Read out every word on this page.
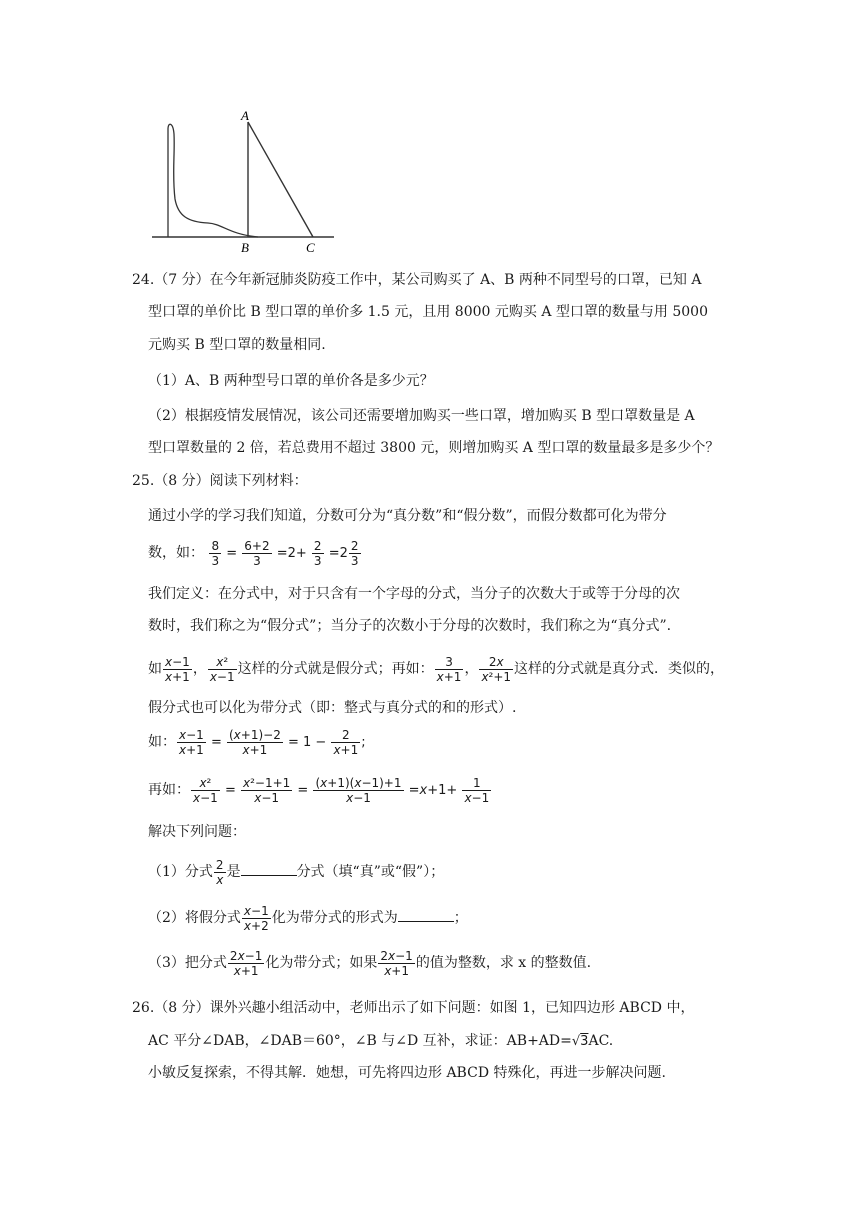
A
B	C
24.（7 分）在今年新冠肺炎防疫工作中，某公司购买了 A、B 两种不同型号的口罩，已知 A
型口罩的单价比 B 型口罩的单价多 1.5 元，且用 8000 元购买 A 型口罩的数量与用 5000
元购买 B 型口罩的数量相同.
（1）A、B 两种型号口罩的单价各是多少元？
（2）根据疫情发展情况，该公司还需要增加购买一些口罩，增加购买 B 型口罩数量是 A
型口罩数量的 2 倍，若总费用不超过 3800 元，则增加购买 A 型口罩的数量最多是多少个？
25.（8 分）阅读下列材料：
通过小学的学习我们知道，分数可分为“真分数”和“假分数”，而假分数都可化为带分
数，如： $\frac{8}{3} = \frac{6+2}{3} =2+ \frac{2}{3} =2 \frac{2}{3}$
我们定义：在分式中，对于只含有一个字母的分式，当分子的次数大于或等于分母的次
数时，我们称之为“假分式”；当分子的次数小于分母的次数时，我们称之为“真分式”.
如 $\frac{x-1}{x+1}$ ， $\frac{\text{x²}}{x-1}$ 这样的分式就是假分式；再如： $\frac{3}{x+1}$ ， $\frac{2x}{\text{x²+1}}$ 这样的分式就是真分式．类似的，
假分式也可以化为带分式（即：整式与真分式的和的形式）.
如： $\frac{x-1}{x+1} = \frac{(x+1)-2}{x+1} = 1 - \frac{2}{x+1}$ ;
再如： $\frac{\text{x²}}{x-1} = \frac{\text{x²−1+1}}{x-1} = \frac{(x+1)(x-1)+1}{x-1} =x+1+ \frac{1}{x-1}$
解决下列问题：
（1）分式 $\frac{2}{x}$ 是	分式（填“真”或“假”）；
（2）将假分式 $\frac{x-1}{x+2}$ 化为带分式的形式为	；
（3）把分式 $\frac{2x-1}{x+1}$ 化为带分式；如果 $\frac{2x-1}{x+1}$ 的值为整数，求 x 的整数值.
26.（8 分）课外兴趣小组活动中，老师出示了如下问题：如图 1，已知四边形 ABCD 中，
AC 平分∠DAB，∠DAB＝60°，∠B 与∠D 互补，求证：AB+AD=√3AC.
小敏反复探索，不得其解．她想，可先将四边形 ABCD 特殊化，再进一步解决问题.
